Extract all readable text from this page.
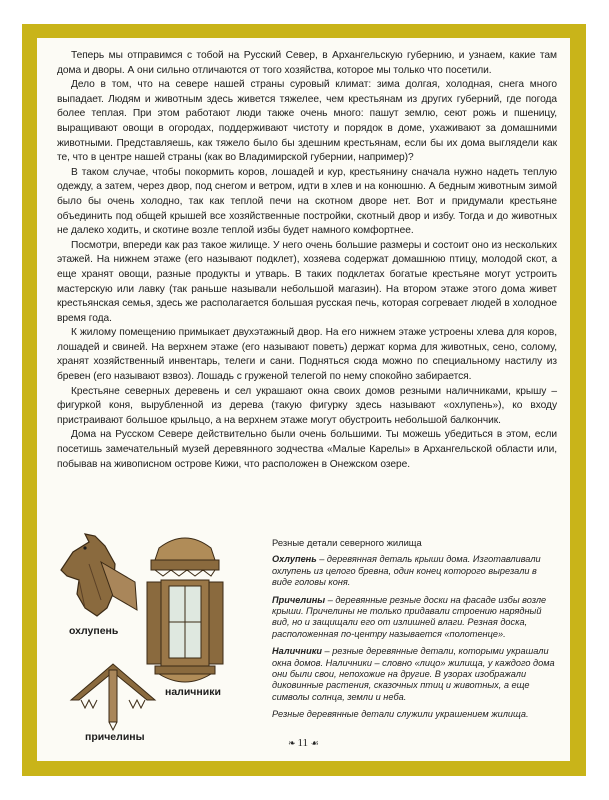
Теперь мы отправимся с тобой на Русский Север, в Архангельскую губернию, и узнаем, какие там дома и дворы. А они сильно отличаются от того хозяйства, которое мы только что посетили.

Дело в том, что на севере нашей страны суровый климат: зима долгая, холодная, снега много выпадает. Людям и животным здесь живется тяжелее, чем крестьянам из других губерний, где погода более теплая. При этом работают люди также очень много: пашут землю, сеют рожь и пшеницу, выращивают овощи в огородах, поддерживают чистоту и порядок в доме, ухаживают за домашними животными. Представляешь, как тяжело было бы здешним крестьянам, если бы их дома выглядели как те, что в центре нашей страны (как во Владимирской губернии, например)?

В таком случае, чтобы покормить коров, лошадей и кур, крестьянину сначала нужно надеть теплую одежду, а затем, через двор, под снегом и ветром, идти в хлев и на конюшню. А бедным животным зимой было бы очень холодно, так как теплой печи на скотном дворе нет. Вот и придумали крестьяне объединить под общей крышей все хозяйственные постройки, скотный двор и избу. Тогда и до животных не далеко ходить, и скотине возле теплой избы будет намного комфортнее.

Посмотри, впереди как раз такое жилище. У него очень большие размеры и состоит оно из нескольких этажей. На нижнем этаже (его называют подклет), хозяева содержат домашнюю птицу, молодой скот, а еще хранят овощи, разные продукты и утварь. В таких подклетах богатые крестьяне могут устроить мастерскую или лавку (так раньше называли небольшой магазин). На втором этаже этого дома живет крестьянская семья, здесь же располагается большая русская печь, которая согревает людей в холодное время года.

К жилому помещению примыкает двухэтажный двор. На его нижнем этаже устроены хлева для коров, лошадей и свиней. На верхнем этаже (его называют поветь) держат корма для животных, сено, солому, хранят хозяйственный инвентарь, телеги и сани. Подняться сюда можно по специальному настилу из бревен (его называют взвоз). Лошадь с груженой телегой по нему спокойно забирается.

Крестьяне северных деревень и сел украшают окна своих домов резными наличниками, крышу – фигуркой коня, вырубленной из дерева (такую фигурку здесь называют «охлупень»), ко входу пристраивают большое крыльцо, а на верхнем этаже могут обустроить небольшой балкончик.

Дома на Русском Севере действительно были очень большими. Ты можешь убедиться в этом, если посетишь замечательный музей деревянного зодчества «Малые Карелы» в Архангельской области или, побывав на живописном острове Кижи, что расположен в Онежском озере.

охлупень
наличники
причелины
Резные детали северного жилища

Охлупень – деревянная деталь крыши дома. Изготавливали охлупень из целого бревна, один конец которого вырезали в виде головы коня.

Причелины – деревянные резные доски на фасаде избы возле крыши. Причелины не только придавали строению нарядный вид, но и защищали его от излишней влаги. Резная доска, расположенная по-центру называется «полотенце».

Наличники – резные деревянные детали, которыми украшали окна домов. Наличники – словно «лицо» жилища, у каждого дома они были свои, непохожие на другие. В узорах изображали диковинные растения, сказочных птиц и животных, а еще символы солнца, земли и неба.

Резные деревянные детали служили украшением жилища.

❧ 11 ☙
